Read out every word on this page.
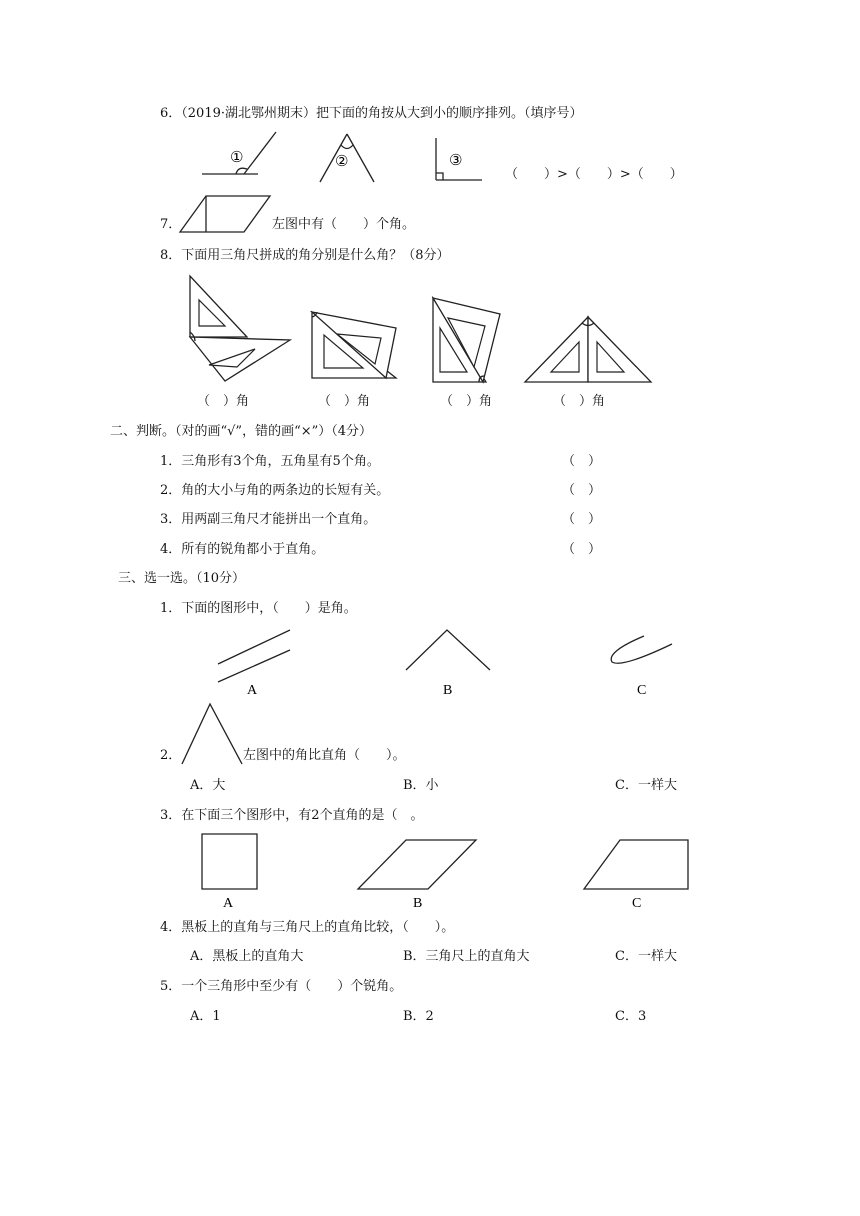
6．（2019·湖北鄂州期末）把下面的角按从大到小的顺序排列。（填序号）
①	②	③
（　　）>（　　）>（　　）
7．	左图中有（　　）个角。
8．下面用三角尺拼成的角分别是什么角？（8分）
（　）角	（　）角	（　）角	（　）角
二、判断。（对的画“√”，错的画“×”）（4分）
1．三角形有3个角，五角星有5个角。	（　）
2．角的大小与角的两条边的长短有关。	（　）
3．用两副三角尺才能拼出一个直角。	（　）
4．所有的锐角都小于直角。	（　）
三、选一选。（10分）
1．下面的图形中，（　　）是角。
A	B	C
2．	左图中的角比直角（　　）。
A．大	B．小	C．一样大
3．在下面三个图形中，有2个直角的是（　。
A	B	C
4．黑板上的直角与三角尺上的直角比较，（　　）。
A．黑板上的直角大	B．三角尺上的直角大	C．一样大
5．一个三角形中至少有（　　）个锐角。
A．1	B．2	C．3
